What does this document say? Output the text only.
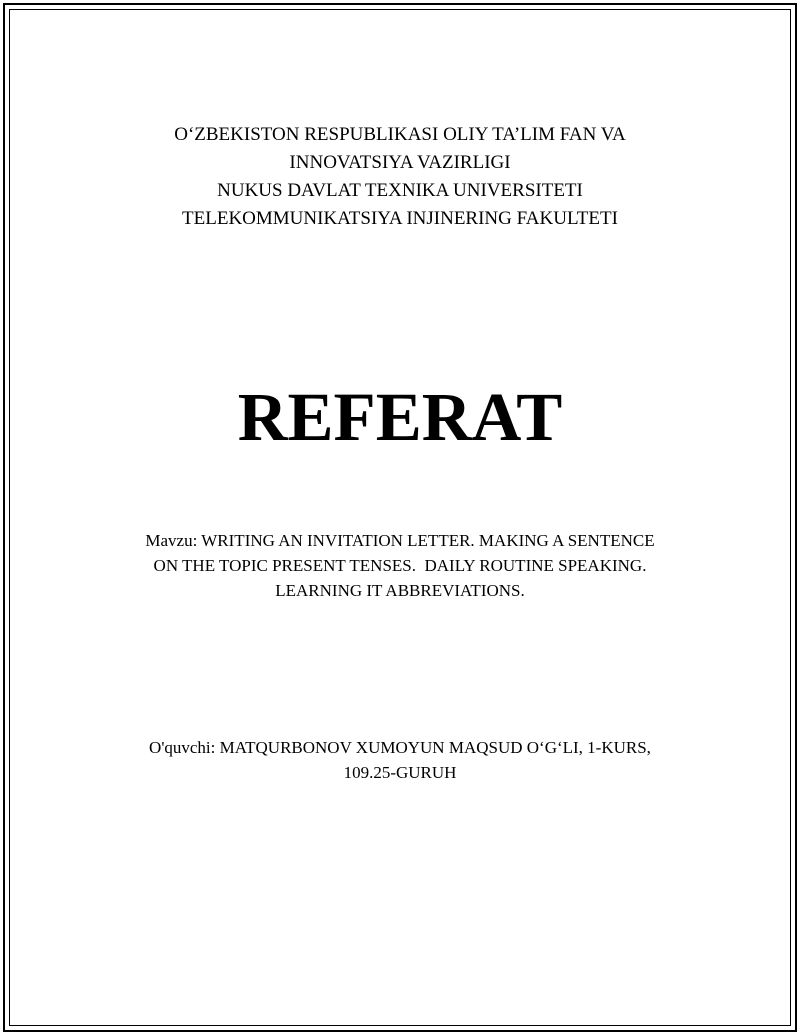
O‘ZBEKISTON RESPUBLIKASI OLIY TA’LIM FAN VA
INNOVATSIYA VAZIRLIGI
NUKUS DAVLAT TEXNIKA UNIVERSITETI
TELEKOMMUNIKATSIYA INJINERING FAKULTETI
REFERAT
Mavzu: WRITING AN INVITATION LETTER. MAKING A SENTENCE
ON THE TOPIC PRESENT TENSES.  DAILY ROUTINE SPEAKING.
LEARNING IT ABBREVIATIONS.
O'quvchi: MATQURBONOV XUMOYUN MAQSUD O‘G‘LI, 1-KURS,
109.25-GURUH
